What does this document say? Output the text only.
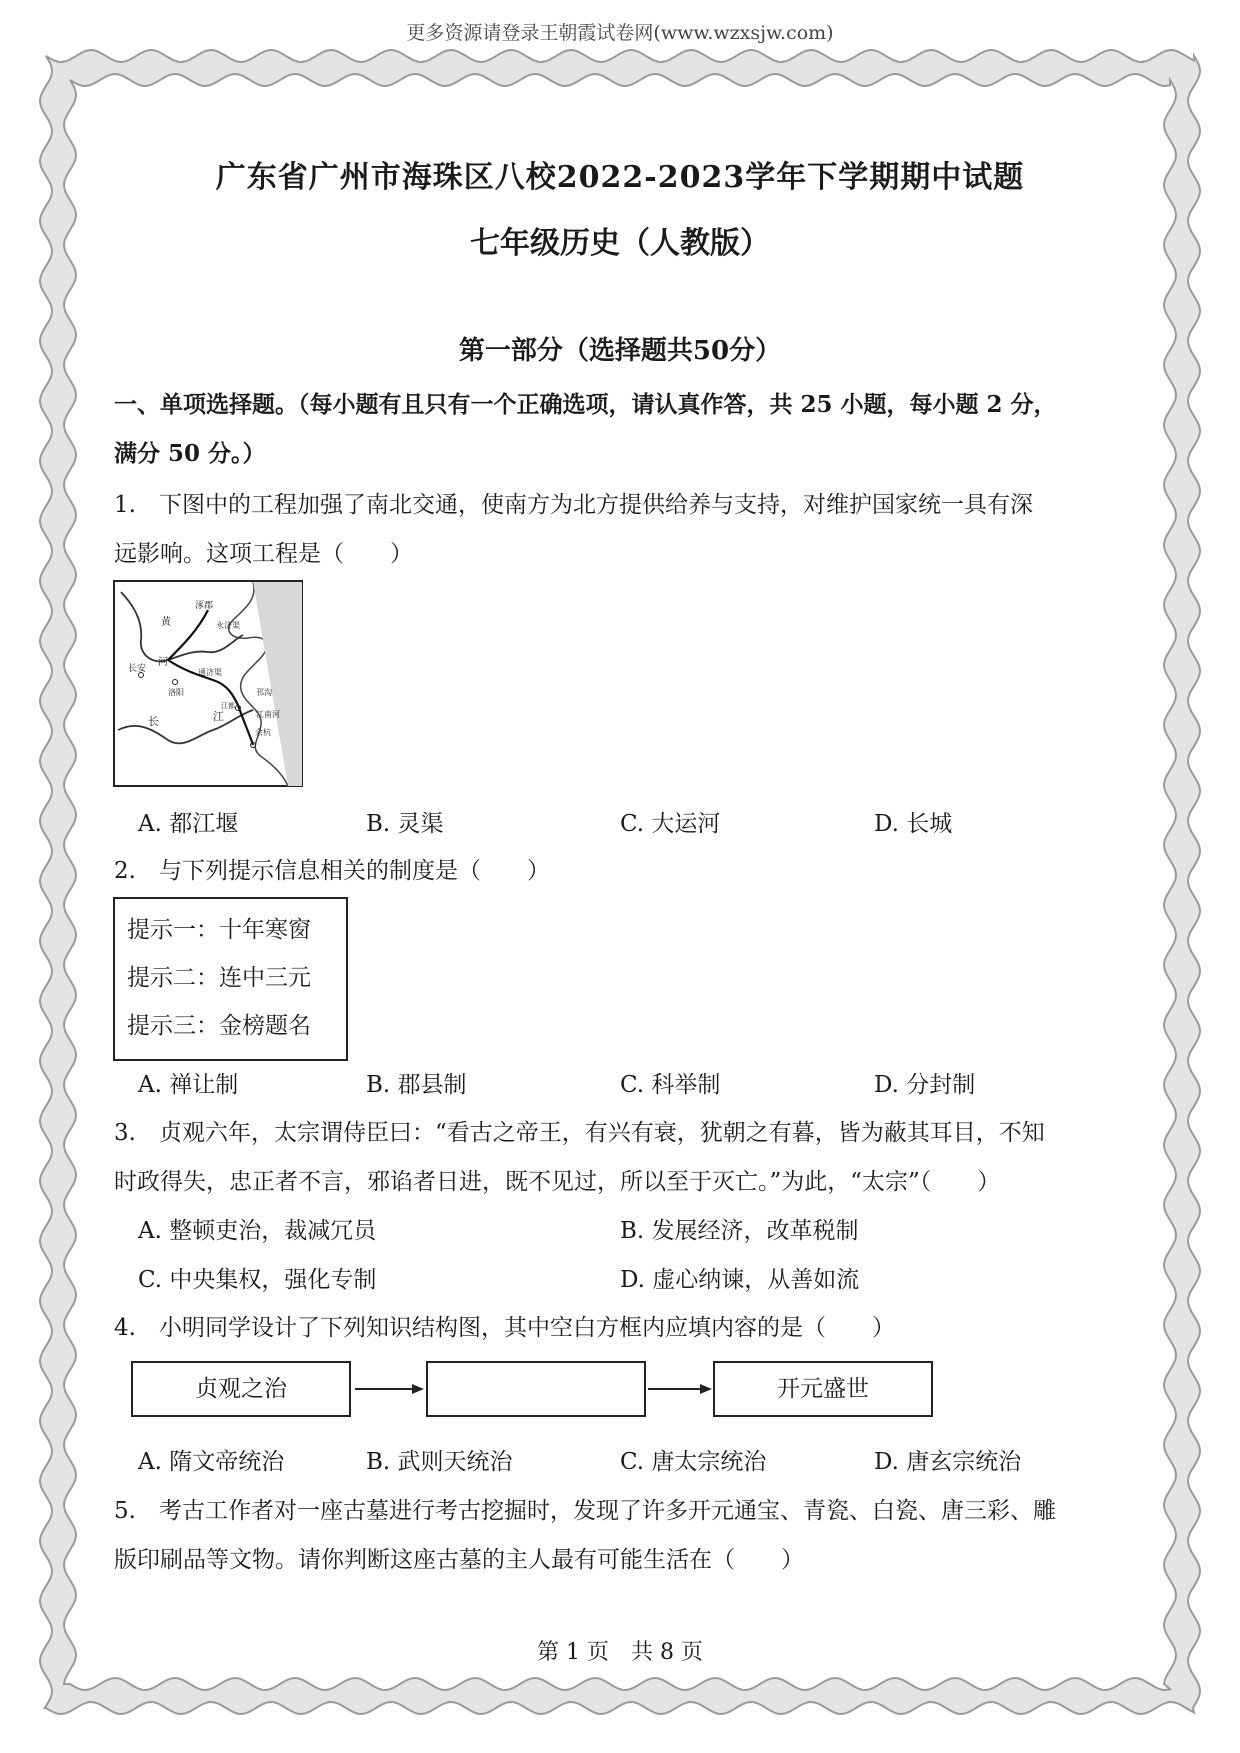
更多资源请登录王朝霞试卷网(www.wzxsjw.com)
广东省广州市海珠区八校2022-2023学年下学期期中试题
七年级历史（人教版）
第一部分（选择题共50分）
一、单项选择题。（每小题有且只有一个正确选项，请认真作答，共 25 小题，每小题 2 分，
满分 50 分。）
1.　下图中的工程加强了南北交通，使南方为北方提供给养与支持，对维护国家统一具有深
远影响。这项工程是（　　）
涿郡
永济渠
黄
河
长安
洛阳
通济渠
邗沟
江都
江南河
余杭
长	江
A. 都江堰	B. 灵渠	C. 大运河	D. 长城
2.　与下列提示信息相关的制度是（　　）
提示一：十年寒窗
提示二：连中三元
提示三：金榜题名
A. 禅让制	B. 郡县制	C. 科举制	D. 分封制
3.　贞观六年，太宗谓侍臣曰：“看古之帝王，有兴有衰，犹朝之有暮，皆为蔽其耳目，不知
时政得失，忠正者不言，邪谄者日进，既不见过，所以至于灭亡。”为此，“太宗”（　　）
A. 整顿吏治，裁减冗员	B. 发展经济，改革税制
C. 中央集权，强化专制	D. 虚心纳谏，从善如流
4.　小明同学设计了下列知识结构图，其中空白方框内应填内容的是（　　）
贞观之治	开元盛世
A. 隋文帝统治	B. 武则天统治	C. 唐太宗统治	D. 唐玄宗统治
5.　考古工作者对一座古墓进行考古挖掘时，发现了许多开元通宝、青瓷、白瓷、唐三彩、雕
版印刷品等文物。请你判断这座古墓的主人最有可能生活在（　　）
第 1 页　共 8 页
